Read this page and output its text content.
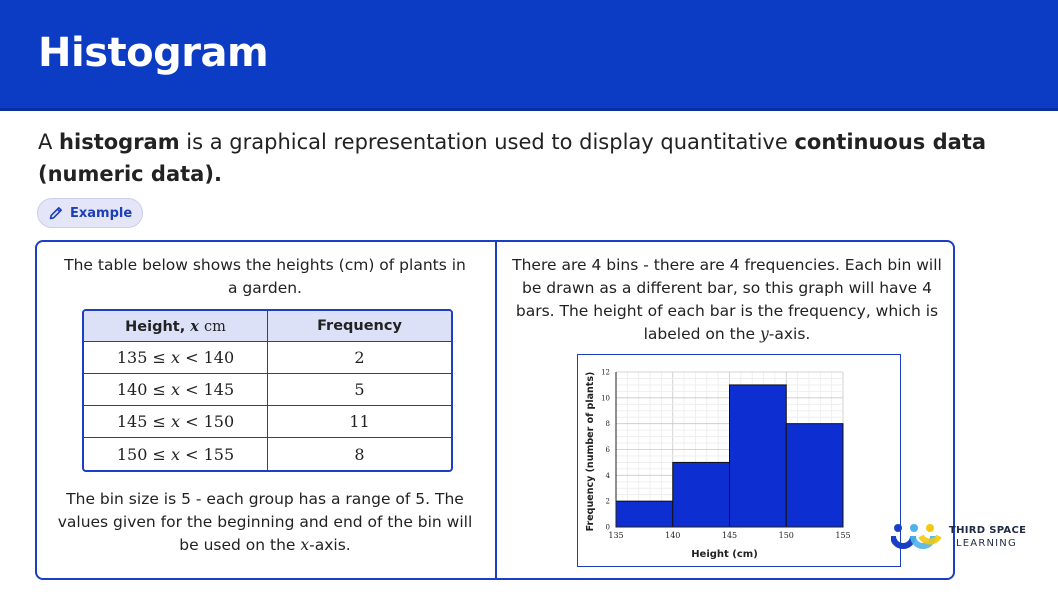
Histogram

A histogram is a graphical representation used to display quantitative continuous data (numeric data).

Example
The table below shows the heights (cm) of plants in a garden.
Height, x cm	Frequency
135 ≤ x < 140	2
140 ≤ x < 145	5
145 ≤ x < 150	11
150 ≤ x < 155	8
The bin size is 5 - each group has a range of 5. The values given for the beginning and end of the bin will be used on the x-axis.
There are 4 bins - there are 4 frequencies. Each bin will be drawn as a different bar, so this graph will have 4 bars. The height of each bar is the frequency, which is labeled on the y-axis.
135	140	145	150	155
0
2
4
6
8
10
12
Height (cm)
Frequency (number of plants)	THIRD SPACE
LEARNING
